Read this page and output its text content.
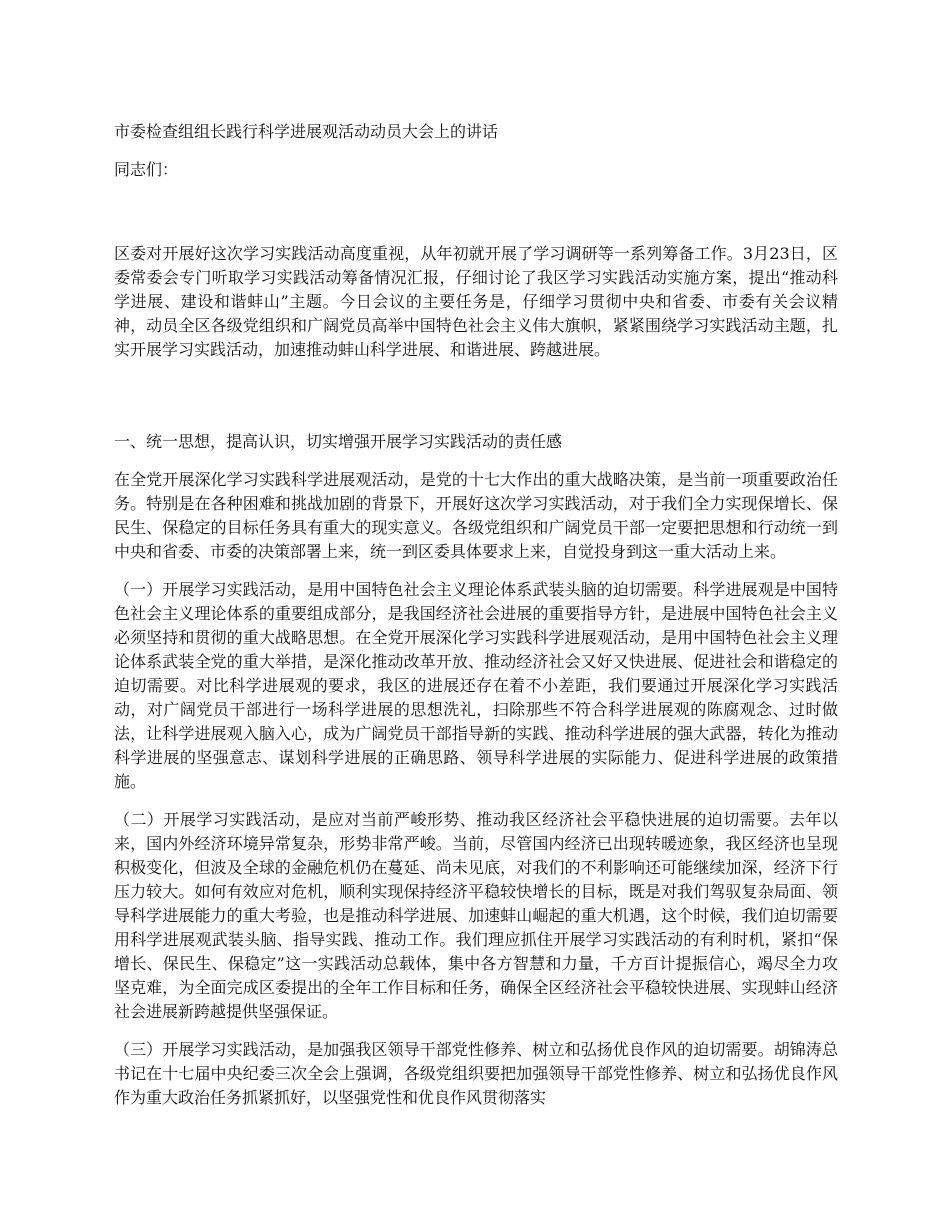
市委检查组组长践行科学进展观活动动员大会上的讲话

同志们：

区委对开展好这次学习实践活动高度重视，从年初就开展了学习调研等一系列筹备工作。3月23日，区委常委会专门听取学习实践活动筹备情况汇报，仔细讨论了我区学习实践活动实施方案，提出“推动科学进展、建设和谐蚌山”主题。今日会议的主要任务是，仔细学习贯彻中央和省委、市委有关会议精神，动员全区各级党组织和广阔党员高举中国特色社会主义伟大旗帜，紧紧围绕学习实践活动主题，扎实开展学习实践活动，加速推动蚌山科学进展、和谐进展、跨越进展。

一、统一思想，提高认识，切实增强开展学习实践活动的责任感

在全党开展深化学习实践科学进展观活动，是党的十七大作出的重大战略决策，是当前一项重要政治任务。特别是在各种困难和挑战加剧的背景下，开展好这次学习实践活动，对于我们全力实现保增长、保民生、保稳定的目标任务具有重大的现实意义。各级党组织和广阔党员干部一定要把思想和行动统一到中央和省委、市委的决策部署上来，统一到区委具体要求上来，自觉投身到这一重大活动上来。

（一）开展学习实践活动，是用中国特色社会主义理论体系武装头脑的迫切需要。科学进展观是中国特色社会主义理论体系的重要组成部分，是我国经济社会进展的重要指导方针，是进展中国特色社会主义必须坚持和贯彻的重大战略思想。在全党开展深化学习实践科学进展观活动，是用中国特色社会主义理论体系武装全党的重大举措，是深化推动改革开放、推动经济社会又好又快进展、促进社会和谐稳定的迫切需要。对比科学进展观的要求，我区的进展还存在着不小差距，我们要通过开展深化学习实践活动，对广阔党员干部进行一场科学进展的思想洗礼，扫除那些不符合科学进展观的陈腐观念、过时做法，让科学进展观入脑入心，成为广阔党员干部指导新的实践、推动科学进展的强大武器，转化为推动科学进展的坚强意志、谋划科学进展的正确思路、领导科学进展的实际能力、促进科学进展的政策措施。

（二）开展学习实践活动，是应对当前严峻形势、推动我区经济社会平稳快进展的迫切需要。去年以来，国内外经济环境异常复杂，形势非常严峻。当前，尽管国内经济已出现转暖迹象，我区经济也呈现积极变化，但波及全球的金融危机仍在蔓延、尚未见底，对我们的不利影响还可能继续加深，经济下行压力较大。如何有效应对危机，顺利实现保持经济平稳较快增长的目标，既是对我们驾驭复杂局面、领导科学进展能力的重大考验，也是推动科学进展、加速蚌山崛起的重大机遇，这个时候，我们迫切需要用科学进展观武装头脑、指导实践、推动工作。我们理应抓住开展学习实践活动的有利时机，紧扣“保增长、保民生、保稳定”这一实践活动总载体，集中各方智慧和力量，千方百计提振信心，竭尽全力攻坚克难，为全面完成区委提出的全年工作目标和任务，确保全区经济社会平稳较快进展、实现蚌山经济社会进展新跨越提供坚强保证。

（三）开展学习实践活动，是加强我区领导干部党性修养、树立和弘扬优良作风的迫切需要。胡锦涛总书记在十七届中央纪委三次全会上强调，各级党组织要把加强领导干部党性修养、树立和弘扬优良作风作为重大政治任务抓紧抓好，以坚强党性和优良作风贯彻落实
